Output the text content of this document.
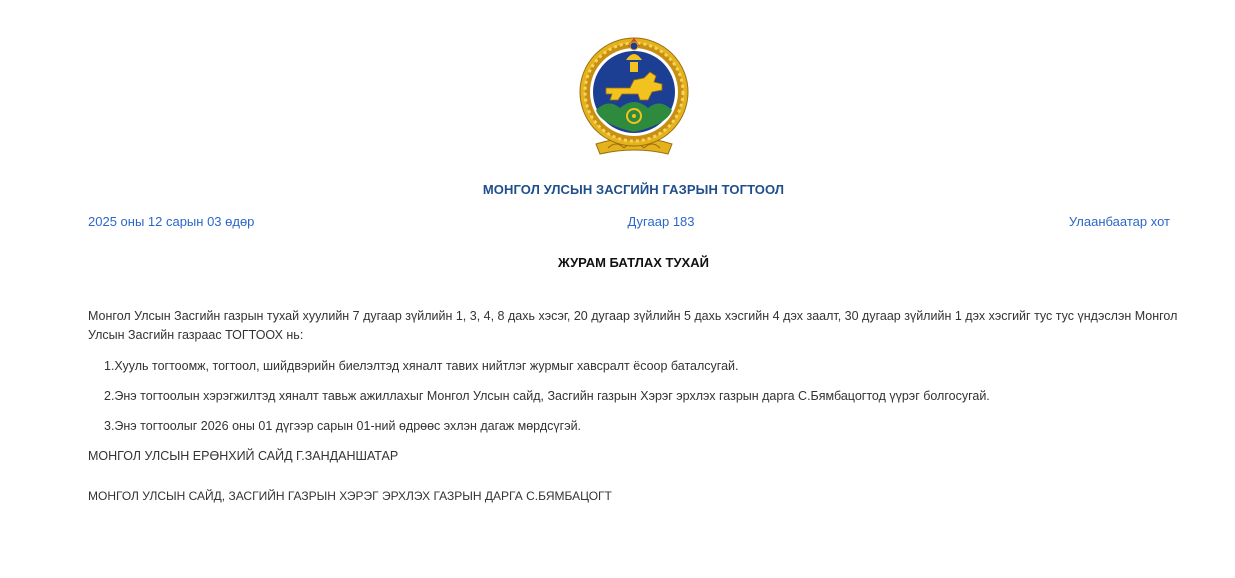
МОНГОЛ УЛСЫН ЗАСГИЙН ГАЗРЫН ТОГТООЛ
2025 оны 12 сарын 03 өдөр	Дугаар 183	Улаанбаатар хот
ЖУРАМ БАТЛАХ ТУХАЙ

Монгол Улсын Засгийн газрын тухай хуулийн 7 дугаар зүйлийн 1, 3, 4, 8 дахь хэсэг, 20 дугаар зүйлийн 5 дахь хэсгийн 4 дэх заалт, 30 дугаар зүйлийн 1 дэх хэсгийг тус тус үндэслэн Монгол Улсын Засгийн газраас ТОГТООХ нь:

1.Хууль тогтоомж, тогтоол, шийдвэрийн биелэлтэд хяналт тавих нийтлэг журмыг хавсралт ёсоор баталсугай.

2.Энэ тогтоолын хэрэгжилтэд хяналт тавьж ажиллахыг Монгол Улсын сайд, Засгийн газрын Хэрэг эрхлэх газрын дарга С.Бямбацогтод үүрэг болгосугай.

3.Энэ тогтоолыг 2026 оны 01 дүгээр сарын 01-ний өдрөөс эхлэн дагаж мөрдсүгэй.

МОНГОЛ УЛСЫН ЕРӨНХИЙ САЙД Г.ЗАНДАНШАТАР

МОНГОЛ УЛСЫН САЙД, ЗАСГИЙН ГАЗРЫН ХЭРЭГ ЭРХЛЭХ ГАЗРЫН ДАРГА С.БЯМБАЦОГТ
